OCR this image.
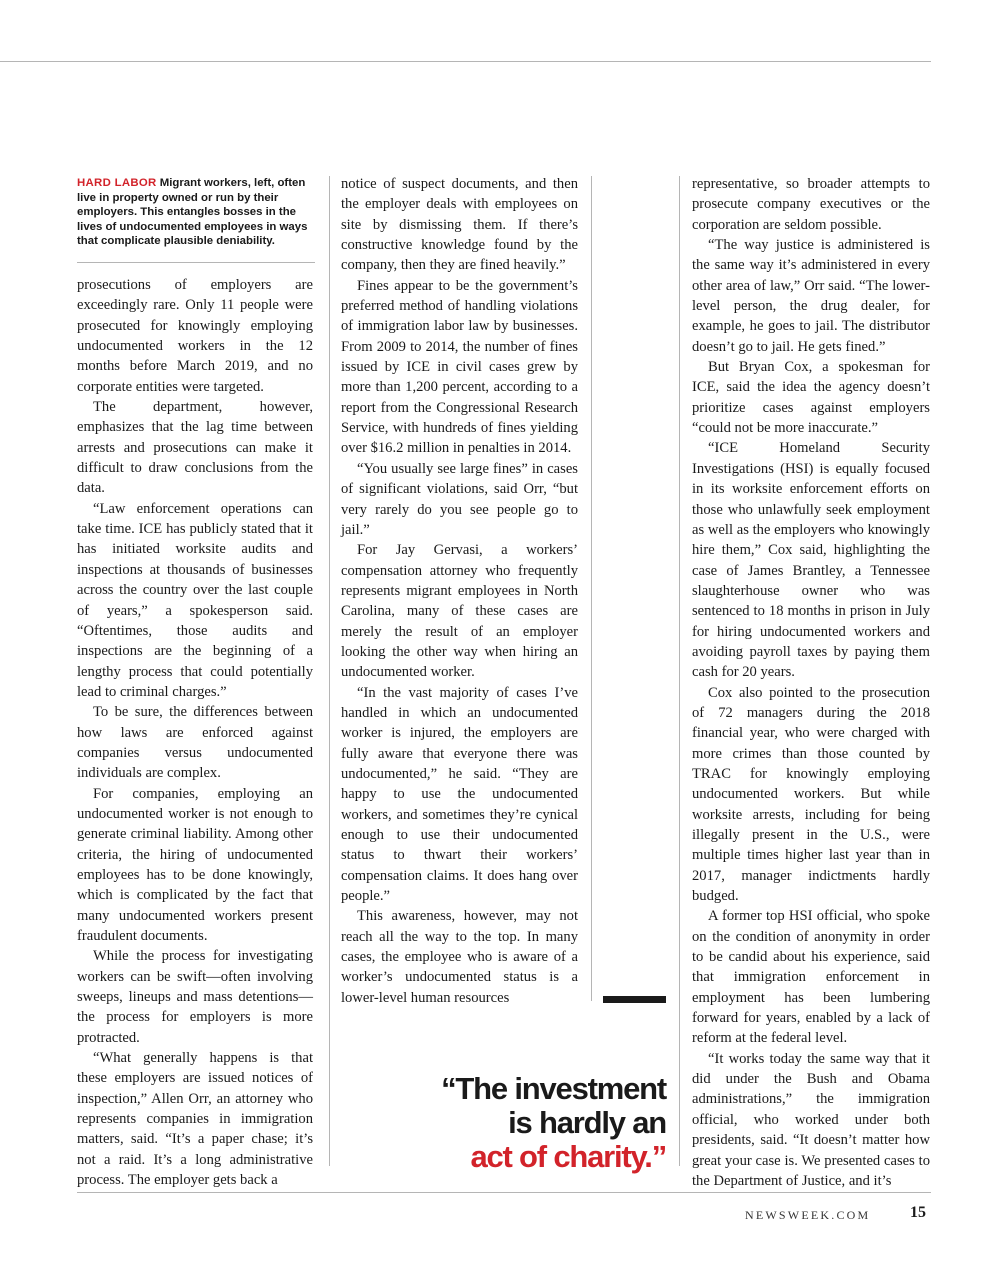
HARD LABOR Migrant workers, left, often live in property owned or run by their employers. This entangles bosses in the lives of undocumented employees in ways that complicate plausible deniability.

prosecutions of employers are exceedingly rare. Only 11 people were prosecuted for knowingly employing undocumented workers in the 12 months before March 2019, and no corporate entities were targeted.

The department, however, emphasizes that the lag time between arrests and prosecutions can make it difficult to draw conclusions from the data.

“Law enforcement operations can take time. ICE has publicly stated that it has initiated worksite audits and inspections at thousands of businesses across the country over the last couple of years,” a spokesperson said. “Oftentimes, those audits and inspections are the beginning of a lengthy process that could potentially lead to criminal charges.”

To be sure, the differences between how laws are enforced against companies versus undocumented individuals are complex.

For companies, employing an undocumented worker is not enough to generate criminal liability. Among other criteria, the hiring of undocumented employees has to be done knowingly, which is complicated by the fact that many undocumented workers present fraudulent documents.

While the process for investigating workers can be swift—often involving sweeps, lineups and mass detentions—the process for employers is more protracted.

“What generally happens is that these employers are issued notices of inspection,” Allen Orr, an attorney who represents companies in immigration matters, said. “It’s a paper chase; it’s not a raid. It’s a long administrative process. The employer gets back a

notice of suspect documents, and then the employer deals with employees on site by dismissing them. If there’s constructive knowledge found by the company, then they are fined heavily.”

Fines appear to be the government’s preferred method of handling violations of immigration labor law by businesses. From 2009 to 2014, the number of fines issued by ICE in civil cases grew by more than 1,200 percent, according to a report from the Congressional Research Service, with hundreds of fines yielding over $16.2 million in penalties in 2014.

“You usually see large fines” in cases of significant violations, said Orr, “but very rarely do you see people go to jail.”

For Jay Gervasi, a workers’ compensation attorney who frequently represents migrant employees in North Carolina, many of these cases are merely the result of an employer looking the other way when hiring an undocumented worker.

“In the vast majority of cases I’ve handled in which an undocumented worker is injured, the employers are fully aware that everyone there was undocumented,” he said. “They are happy to use the undocumented workers, and sometimes they’re cynical enough to use their undocumented status to thwart their workers’ compensation claims. It does hang over people.”

This awareness, however, may not reach all the way to the top. In many cases, the employee who is aware of a worker’s undocumented status is a lower-level human resources

representative, so broader attempts to prosecute company executives or the corporation are seldom possible.

“The way justice is administered is the same way it’s administered in every other area of law,” Orr said. “The lower-level person, the drug dealer, for example, he goes to jail. The distributor doesn’t go to jail. He gets fined.”

But Bryan Cox, a spokesman for ICE, said the idea the agency doesn’t prioritize cases against employers “could not be more inaccurate.”

“ICE Homeland Security Investigations (HSI) is equally focused in its worksite enforcement efforts on those who unlawfully seek employment as well as the employers who knowingly hire them,” Cox said, highlighting the case of James Brantley, a Tennessee slaughterhouse owner who was sentenced to 18 months in prison in July for hiring undocumented workers and avoiding payroll taxes by paying them cash for 20 years.

Cox also pointed to the prosecution of 72 managers during the 2018 financial year, who were charged with more crimes than those counted by TRAC for knowingly employing undocumented workers. But while worksite arrests, including for being illegally present in the U.S., were multiple times higher last year than in 2017, manager indictments hardly budged.

A former top HSI official, who spoke on the condition of anonymity in order to be candid about his experience, said that immigration enforcement in employment has been lumbering forward for years, enabled by a lack of reform at the federal level.

“It works today the same way that it did under the Bush and Obama administrations,” the immigration official, who worked under both presidents, said. “It doesn’t matter how great your case is. We presented cases to the Department of Justice, and it’s

“The investment
is hardly an
act of charity.”
NEWSWEEK.COM 15
